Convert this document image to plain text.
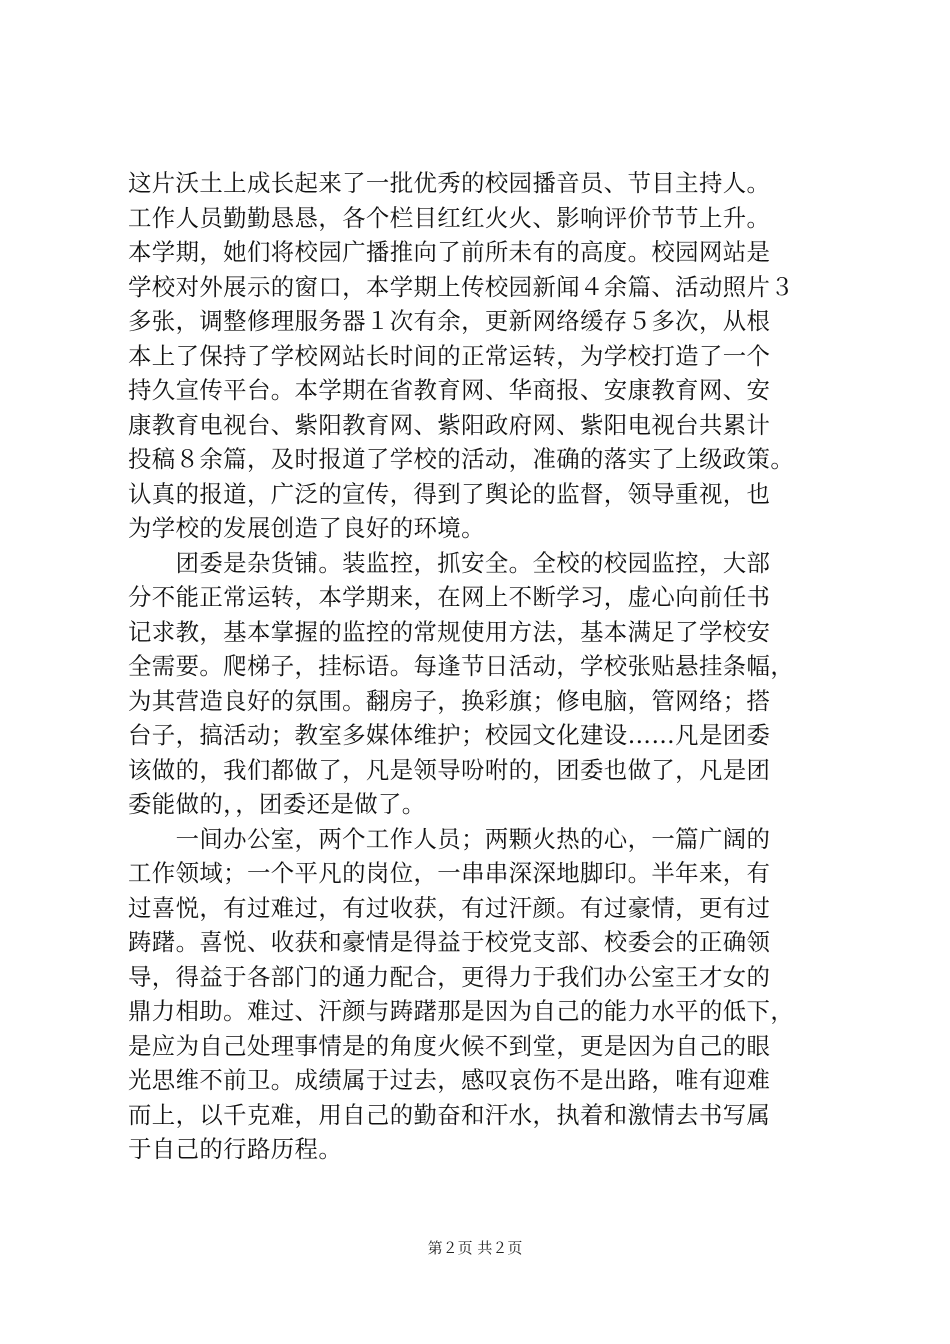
这片沃土上成长起来了一批优秀的校园播音员、节目主持人。
工作人员勤勤恳恳，各个栏目红红火火、影响评价节节上升。
本学期，她们将校园广播推向了前所未有的高度。校园网站是
学校对外展示的窗口，本学期上传校园新闻４余篇、活动照片３
多张，调整修理服务器１次有余，更新网络缓存５多次，从根
本上了保持了学校网站长时间的正常运转，为学校打造了一个
持久宣传平台。本学期在省教育网、华商报、安康教育网、安
康教育电视台、紫阳教育网、紫阳政府网、紫阳电视台共累计
投稿８余篇，及时报道了学校的活动，准确的落实了上级政策。
认真的报道，广泛的宣传，得到了舆论的监督，领导重视，也
为学校的发展创造了良好的环境。
　　团委是杂货铺。装监控，抓安全。全校的校园监控，大部
分不能正常运转，本学期来，在网上不断学习，虚心向前任书
记求教，基本掌握的监控的常规使用方法，基本满足了学校安
全需要。爬梯子，挂标语。每逢节日活动，学校张贴悬挂条幅，
为其营造良好的氛围。翻房子，换彩旗；修电脑，管网络；搭
台子，搞活动；教室多媒体维护；校园文化建设……凡是团委
该做的，我们都做了，凡是领导吩咐的，团委也做了，凡是团
委能做的，，团委还是做了。
　　一间办公室，两个工作人员；两颗火热的心，一篇广阔的
工作领域；一个平凡的岗位，一串串深深地脚印。半年来，有
过喜悦，有过难过，有过收获，有过汗颜。有过豪情，更有过
踌躇。喜悦、收获和豪情是得益于校党支部、校委会的正确领
导，得益于各部门的通力配合，更得力于我们办公室王才女的
鼎力相助。难过、汗颜与踌躇那是因为自己的能力水平的低下，
是应为自己处理事情是的角度火候不到堂，更是因为自己的眼
光思维不前卫。成绩属于过去，感叹哀伤不是出路，唯有迎难
而上，以千克难，用自己的勤奋和汗水，执着和激情去书写属
于自己的行路历程。
第２页 共２页
